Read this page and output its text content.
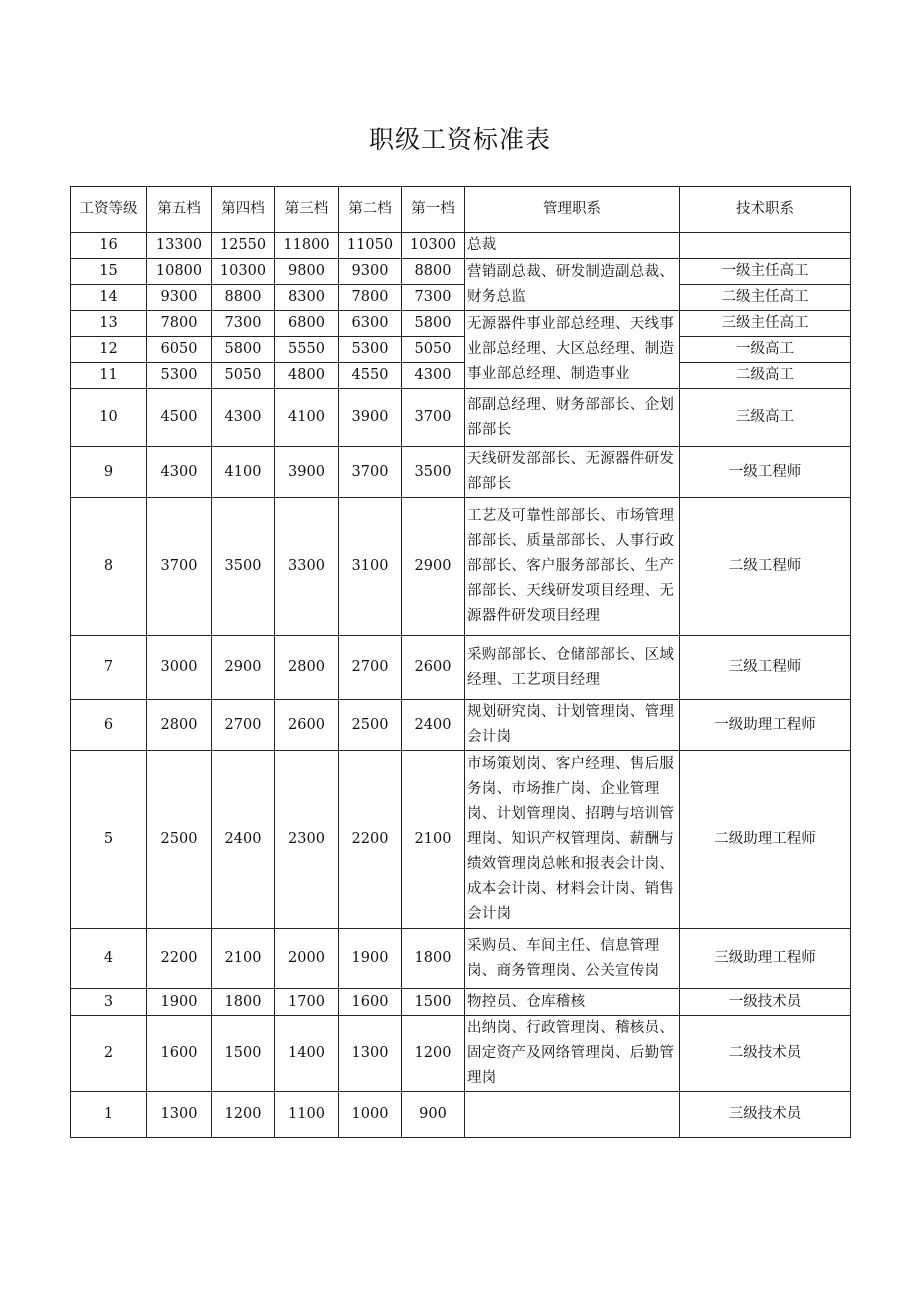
职级工资标准表
工资等级	第五档	第四档	第三档	第二档	第一档	管理职系	技术职系
16	13300	12550	11800	11050	10300	总裁	
15	10800	10300	9800	9300	8800	营销副总裁、研发制造副总裁、财务总监	一级主任高工
14	9300	8800	8300	7800	7300		二级主任高工
13	7800	7300	6800	6300	5800	无源器件事业部总经理、天线事业部总经理、大区总经理、制造事业部总经理、制造事业	三级主任高工
12	6050	5800	5550	5300	5050		一级高工
11	5300	5050	4800	4550	4300		二级高工
10	4500	4300	4100	3900	3700	部副总经理、财务部部长、企划部部长	三级高工
9	4300	4100	3900	3700	3500	天线研发部部长、无源器件研发部部长	一级工程师
8	3700	3500	3300	3100	2900	工艺及可靠性部部长、市场管理部部长、质量部部长、人事行政部部长、客户服务部部长、生产部部长、天线研发项目经理、无源器件研发项目经理	二级工程师
7	3000	2900	2800	2700	2600	采购部部长、仓储部部长、区域经理、工艺项目经理	三级工程师
6	2800	2700	2600	2500	2400	规划研究岗、计划管理岗、管理会计岗	一级助理工程师
5	2500	2400	2300	2200	2100	市场策划岗、客户经理、售后服务岗、市场推广岗、企业管理岗、计划管理岗、招聘与培训管理岗、知识产权管理岗、薪酬与绩效管理岗总帐和报表会计岗、成本会计岗、材料会计岗、销售会计岗	二级助理工程师
4	2200	2100	2000	1900	1800	采购员、车间主任、信息管理岗、商务管理岗、公关宣传岗	三级助理工程师
3	1900	1800	1700	1600	1500	物控员、仓库稽核	一级技术员
2	1600	1500	1400	1300	1200	出纳岗、行政管理岗、稽核员、固定资产及网络管理岗、后勤管理岗	二级技术员
1	1300	1200	1100	1000	900		三级技术员
